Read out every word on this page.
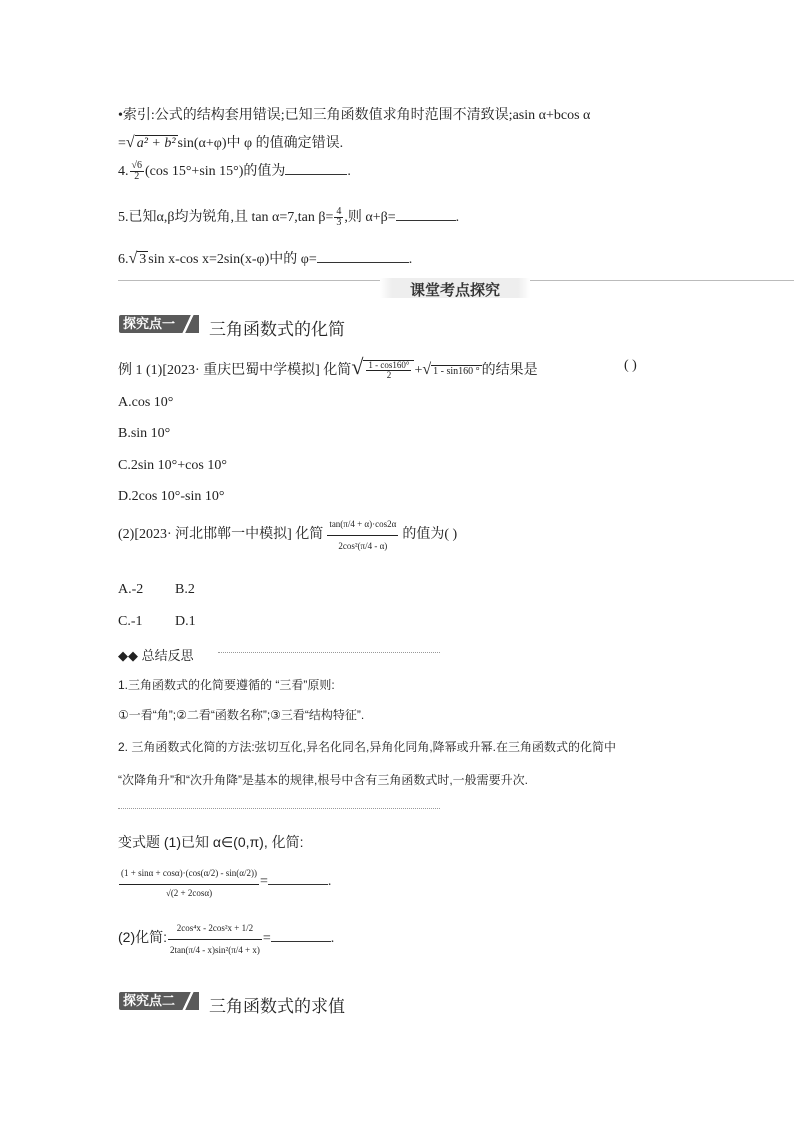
•索引:公式的结构套用错误;已知三角函数值求角时范围不清致误;asin α+bcos α
=√ a² + b² sin(α+φ)中 φ 的值确定错误.
4. $\frac{√6}{2} (\cos$ 15°+sin 15°)的值为	.
5.已知α,β均为锐角,且 tan α=7,tan $\beta= \frac{4}{3}$ ,则 α+β=	.
6.√ 3 sin x-cos x=2sin(x-φ)中的 φ=	.
课堂考点探究
探究点一	三角函数式的化简
例 1 (1)[2023· 重庆巴蜀中学模拟] 化简√ $\frac{1 - \cos 160^\circ}{2}$ +√ 1 - sin160 ° 的结果是	( )
A.cos 10°
B.sin 10°
C.2sin 10°+cos 10°
D.2cos 10°-sin 10°
(2)[2023· 河北邯郸一中模拟] 化简 $\frac{\tan(\pi/4 + \alpha)\cdot\cos 2\alpha}{\text{2cos²(π/4 - α)}}$ 的值为( )
A.-2 B.2
C.-1 D.1
◆◆ 总结反思
1.三角函数式的化简要遵循的 “三看”原则:
①一看“角”;②二看“函数名称”;③三看“结构特征”.
2. 三角函数式化简的方法:弦切互化,异名化同名,异角化同角,降幂或升幂.在三角函数式的化简中
“次降角升”和“次升角降”是基本的规律,根号中含有三角函数式时,一般需要升次.
变式题 (1)已知 α∈(0,π), 化简:
$\frac{(1 + \sin\alpha + \cos\alpha)\cdot(\cos(\alpha/2) - \sin(\alpha/2))}{√(2 + 2\cos\alpha)}$ =	.
(2)化简: $\frac{\text{2cos⁴x - 2cos²x + 1/2}}{\text{2tan(π/4 - x)sin²(π/4 + x)}}$ =	.
探究点二	三角函数式的求值
